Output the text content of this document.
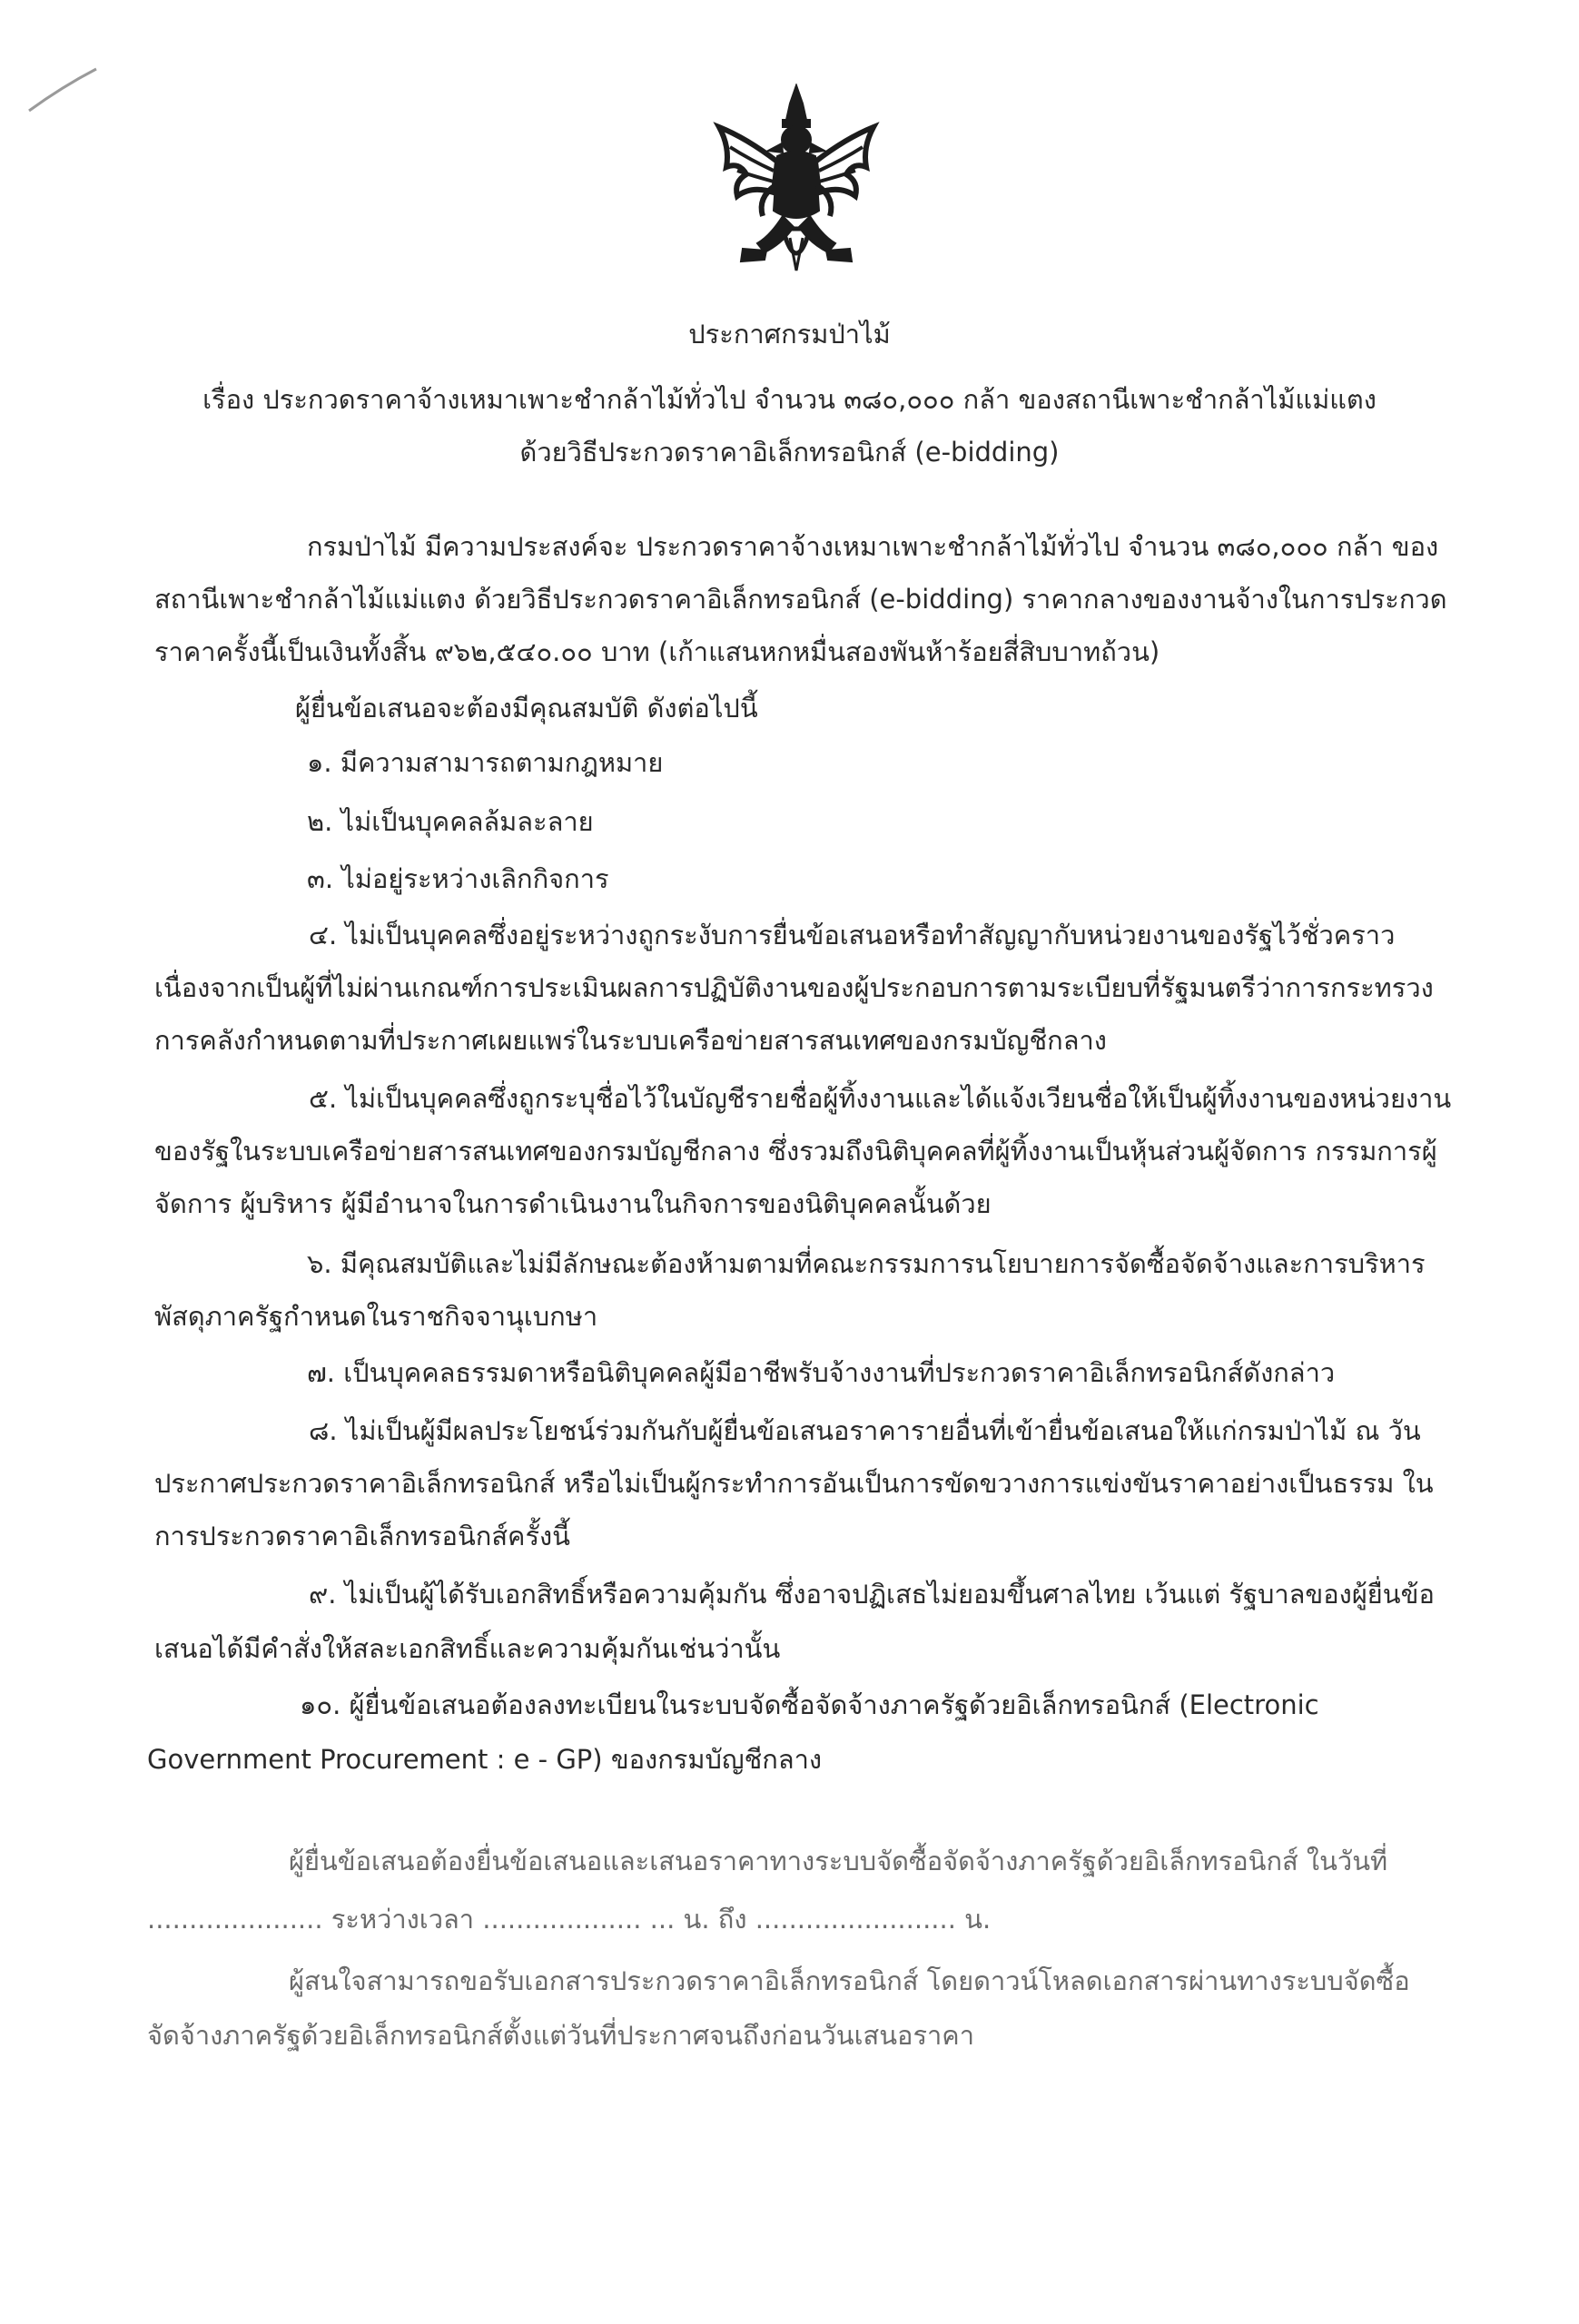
ประกาศกรมป่าไม้
เรื่อง ประกวดราคาจ้างเหมาเพาะชำกล้าไม้ทั่วไป จำนวน ๓๘๐,๐๐๐ กล้า ของสถานีเพาะชำกล้าไม้แม่แตง
ด้วยวิธีประกวดราคาอิเล็กทรอนิกส์ (e-bidding)
กรมป่าไม้ มีความประสงค์จะ ประกวดราคาจ้างเหมาเพาะชำกล้าไม้ทั่วไป จำนวน ๓๘๐,๐๐๐ กล้า ของ
สถานีเพาะชำกล้าไม้แม่แตง ด้วยวิธีประกวดราคาอิเล็กทรอนิกส์ (e-bidding) ราคากลางของงานจ้างในการประกวด
ราคาครั้งนี้เป็นเงินทั้งสิ้น ๙๖๒,๕๔๐.๐๐ บาท (เก้าแสนหกหมื่นสองพันห้าร้อยสี่สิบบาทถ้วน)
ผู้ยื่นข้อเสนอจะต้องมีคุณสมบัติ ดังต่อไปนี้
๑. มีความสามารถตามกฎหมาย
๒. ไม่เป็นบุคคลล้มละลาย
๓. ไม่อยู่ระหว่างเลิกกิจการ
๔. ไม่เป็นบุคคลซึ่งอยู่ระหว่างถูกระงับการยื่นข้อเสนอหรือทำสัญญากับหน่วยงานของรัฐไว้ชั่วคราว
เนื่องจากเป็นผู้ที่ไม่ผ่านเกณฑ์การประเมินผลการปฏิบัติงานของผู้ประกอบการตามระเบียบที่รัฐมนตรีว่าการกระทรวง
การคลังกำหนดตามที่ประกาศเผยแพร่ในระบบเครือข่ายสารสนเทศของกรมบัญชีกลาง
๕. ไม่เป็นบุคคลซึ่งถูกระบุชื่อไว้ในบัญชีรายชื่อผู้ทิ้งงานและได้แจ้งเวียนชื่อให้เป็นผู้ทิ้งงานของหน่วยงาน
ของรัฐในระบบเครือข่ายสารสนเทศของกรมบัญชีกลาง ซึ่งรวมถึงนิติบุคคลที่ผู้ทิ้งงานเป็นหุ้นส่วนผู้จัดการ กรรมการผู้
จัดการ ผู้บริหาร ผู้มีอำนาจในการดำเนินงานในกิจการของนิติบุคคลนั้นด้วย
๖. มีคุณสมบัติและไม่มีลักษณะต้องห้ามตามที่คณะกรรมการนโยบายการจัดซื้อจัดจ้างและการบริหาร
พัสดุภาครัฐกำหนดในราชกิจจานุเบกษา
๗. เป็นบุคคลธรรมดาหรือนิติบุคคลผู้มีอาชีพรับจ้างงานที่ประกวดราคาอิเล็กทรอนิกส์ดังกล่าว
๘. ไม่เป็นผู้มีผลประโยชน์ร่วมกันกับผู้ยื่นข้อเสนอราคารายอื่นที่เข้ายื่นข้อเสนอให้แก่กรมป่าไม้ ณ วัน
ประกาศประกวดราคาอิเล็กทรอนิกส์ หรือไม่เป็นผู้กระทำการอันเป็นการขัดขวางการแข่งขันราคาอย่างเป็นธรรม ใน
การประกวดราคาอิเล็กทรอนิกส์ครั้งนี้
๙. ไม่เป็นผู้ได้รับเอกสิทธิ์หรือความคุ้มกัน ซึ่งอาจปฏิเสธไม่ยอมขึ้นศาลไทย เว้นแต่ รัฐบาลของผู้ยื่นข้อ
เสนอได้มีคำสั่งให้สละเอกสิทธิ์และความคุ้มกันเช่นว่านั้น
๑๐. ผู้ยื่นข้อเสนอต้องลงทะเบียนในระบบจัดซื้อจัดจ้างภาครัฐด้วยอิเล็กทรอนิกส์ (Electronic
Government Procurement : e - GP) ของกรมบัญชีกลาง
ผู้ยื่นข้อเสนอต้องยื่นข้อเสนอและเสนอราคาทางระบบจัดซื้อจัดจ้างภาครัฐด้วยอิเล็กทรอนิกส์ ในวันที่
..................... ระหว่างเวลา ................... ... น. ถึง ........................ น.
ผู้สนใจสามารถขอรับเอกสารประกวดราคาอิเล็กทรอนิกส์ โดยดาวน์โหลดเอกสารผ่านทางระบบจัดซื้อ
จัดจ้างภาครัฐด้วยอิเล็กทรอนิกส์ตั้งแต่วันที่ประกาศจนถึงก่อนวันเสนอราคา
